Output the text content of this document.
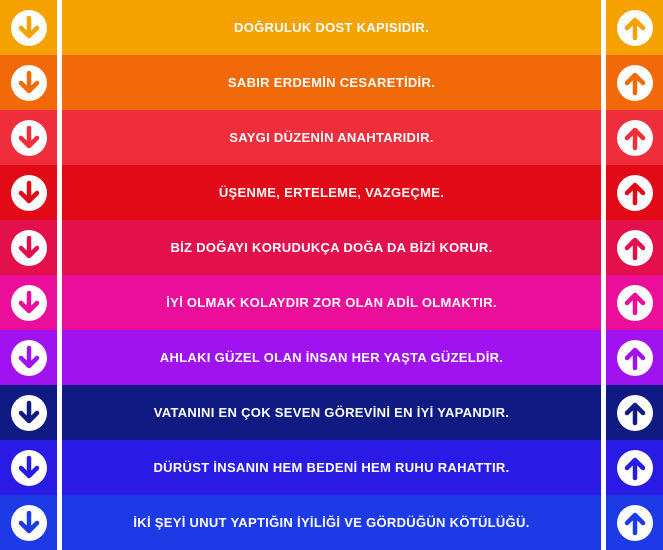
DOĞRULUK DOST KAPISIDIR.
SABIR ERDEMİN CESARETİDİR.
SAYGI DÜZENİN ANAHTARIDIR.
ÜŞENME, ERTELEME, VAZGEÇME.
BİZ DOĞAYI KORUDUKÇA DOĞA DA BİZİ KORUR.
İYİ OLMAK KOLAYDIR ZOR OLAN ADİL OLMAKTIR.
AHLAKI GÜZEL OLAN İNSAN HER YAŞTA GÜZELDİR.
VATANINI EN ÇOK SEVEN GÖREVİNİ EN İYİ YAPANDIR.
DÜRÜST İNSANIN HEM BEDENİ HEM RUHU RAHATTIR.
İKİ ŞEYİ UNUT YAPTIĞIN İYİLİĞİ VE GÖRDÜĞÜN KÖTÜLÜĞÜ.
